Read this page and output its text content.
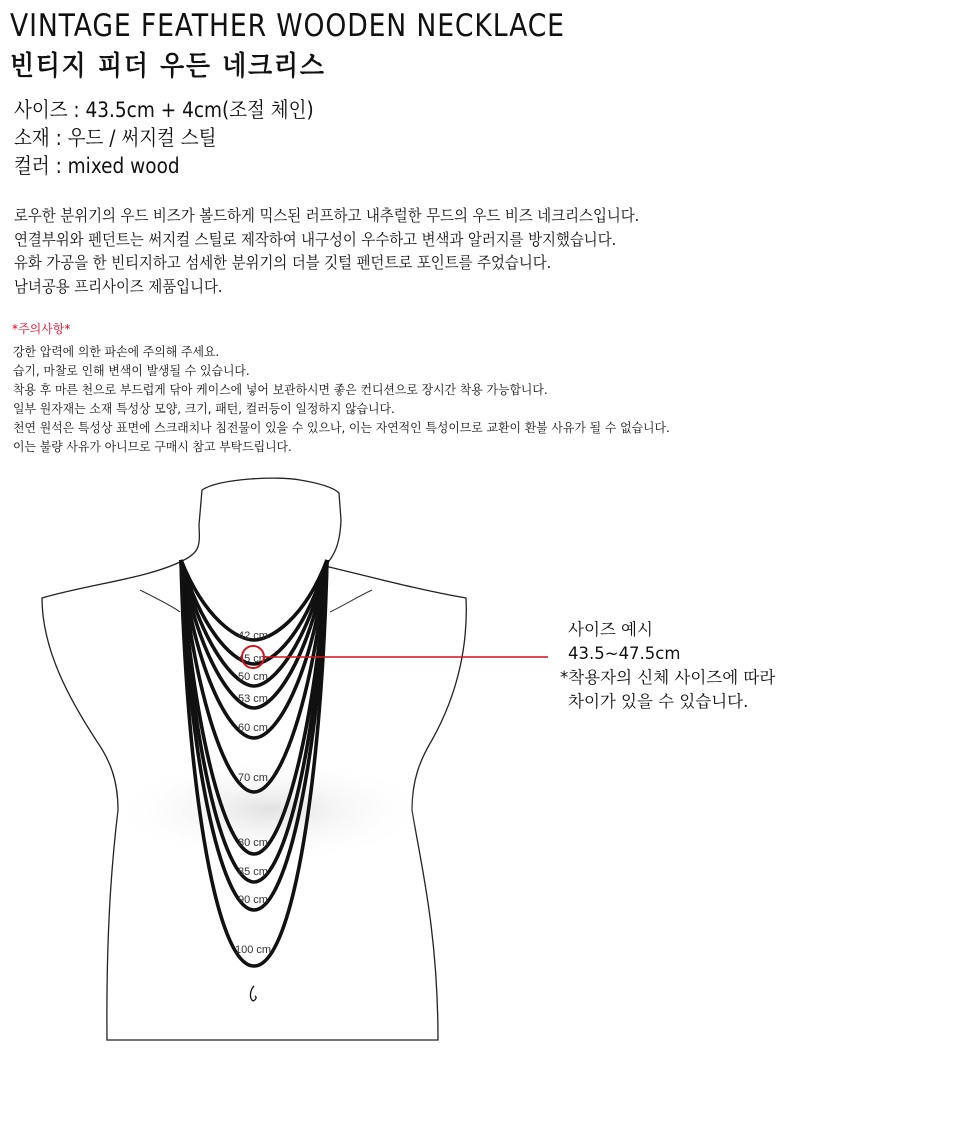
VINTAGE FEATHER WOODEN NECKLACE
빈티지 피더 우든 네크리스
사이즈 : 43.5cm + 4cm(조절 체인)
소재 : 우드 / 써지컬 스틸
컬러 : mixed wood
로우한 분위기의 우드 비즈가 볼드하게 믹스된 러프하고 내추럴한 무드의 우드 비즈 네크리스입니다.
연결부위와 펜던트는 써지컬 스틸로 제작하여 내구성이 우수하고 변색과 알러지를 방지했습니다.
유화 가공을 한 빈티지하고 섬세한 분위기의 더블 깃털 펜던트로 포인트를 주었습니다.
남녀공용 프리사이즈 제품입니다.
*주의사항*
강한 압력에 의한 파손에 주의해 주세요.
습기, 마찰로 인해 변색이 발생될 수 있습니다.
착용 후 마른 천으로 부드럽게 닦아 케이스에 넣어 보관하시면 좋은 컨디션으로 장시간 착용 가능합니다.
일부 원자재는 소재 특성상 모양, 크기, 패턴, 컬러등이 일정하지 않습니다.
천연 원석은 특성상 표면에 스크래치나 침전물이 있을 수 있으나, 이는 자연적인 특성이므로 교환이 환불 사유가 될 수 없습니다.
이는 불량 사유가 아니므로 구매시 참고 부탁드립니다.
42 cm
45 cm
50 cm
53 cm
60 cm
70 cm
80 cm
85 cm
90 cm
100 cm
사이즈 예시
43.5~47.5cm
*착용자의 신체 사이즈에 따라
차이가 있을 수 있습니다.
